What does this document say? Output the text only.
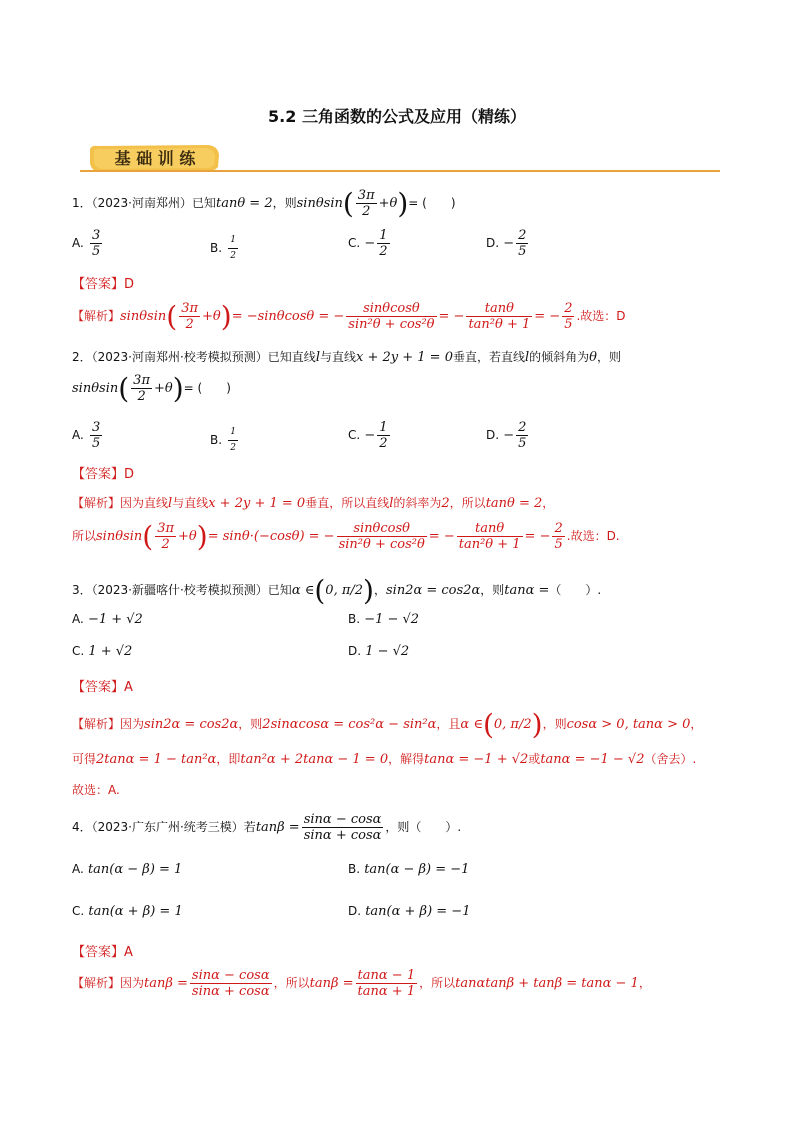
5.2 三角函数的公式及应用（精练）
基 础 训 练
1．（2023·河南郑州）已知tanθ = 2，则$\sin\theta\sin( \frac{3\pi}{2} +\theta)=$ (　　)
A. $\frac{3}{5}$	B. $\frac{1}{2}$	C. − $\frac{1}{2}$	D. − $\frac{2}{5}$
【答案】D
【解析】$\sin\theta\sin( \frac{3\pi}{2} +\theta)= -\sin\theta\cos\theta$ = − $\frac{\sin\theta\cos\theta}{\text{sin²θ + cos²θ}}$ = − $\frac{\tan\theta}{\text{tan²θ + 1}}$ = − $\frac{2}{5}$ .故选：D
2．（2023·河南郑州·校考模拟预测）已知直线l与直线x + 2y + 1 = 0垂直，若直线l的倾斜角为θ，则
$\sin\theta\sin( \frac{3\pi}{2} +\theta)=$ (　　)
A. $\frac{3}{5}$	B. $\frac{1}{2}$	C. − $\frac{1}{2}$	D. − $\frac{2}{5}$
【答案】D
【解析】因为直线l与直线x + 2y + 1 = 0垂直，所以直线l的斜率为2，所以tanθ = 2，
所以$\sin\theta\sin( \frac{3\pi}{2} +\theta)= \sin\theta\cdot(-\cos\theta)$ = − $\frac{\sin\theta\cos\theta}{\text{sin²θ + cos²θ}}$ = − $\frac{\tan\theta}{\text{tan²θ + 1}}$ = − $\frac{2}{5}$ .故选：D.
3．（2023·新疆喀什·校考模拟预测）已知α ∈(0, π/2)，sin2α = cos2α，则tanα =（　　）.
A. −1 + √2	B. −1 − √2
C. 1 + √2	D. 1 − √2
【答案】A
【解析】因为sin2α = cos2α，则2sinαcosα = cos²α − sin²α，且α ∈(0, π/2)，则cosα > 0, tanα > 0，
可得2tanα = 1 − tan²α，即tan²α + 2tanα − 1 = 0，解得tanα = −1 + √2或tanα = −1 − √2（舍去）.
故选：A.
4．（2023·广东广州·统考三模）若$\tan\beta = \frac{\sin\alpha - \cos\alpha}{\sin\alpha + \cos\alpha}$ ，则（　　）.
A. tan(α − β) = 1	B. tan(α − β) = −1
C. tan(α + β) = 1	D. tan(α + β) = −1
【答案】A
【解析】因为$\tan\beta = \frac{\sin\alpha - \cos\alpha}{\sin\alpha + \cos\alpha}$ ，所以$\tan\beta = \frac{\tan\alpha - 1}{\tan\alpha + 1}$ ，所以tanαtanβ + tanβ = tanα − 1，
